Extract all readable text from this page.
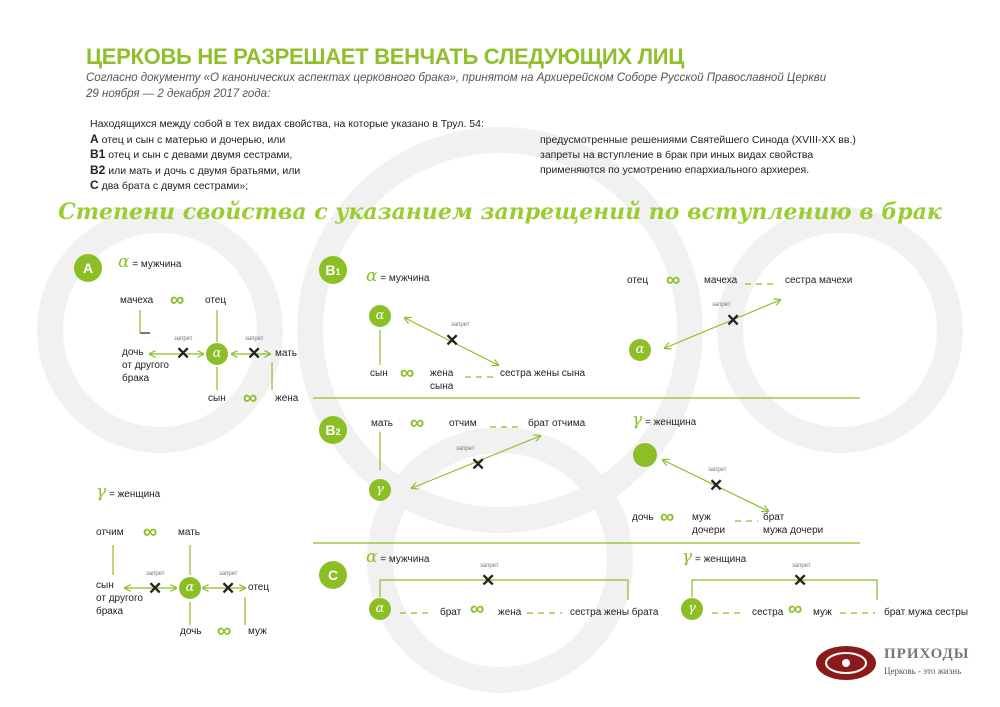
ЦЕРКОВЬ НЕ РАЗРЕШАЕТ ВЕНЧАТЬ СЛЕДУЮЩИХ ЛИЦ
Согласно документу «О канонических аспектах церковного брака», принятом на Архиерейском Соборе Русской Православной Церкви
29 ноября — 2 декабря 2017 года:
Находящихся между собой в тех видах свойства, на которые указано в Трул. 54:
A отец и сын с матерью и дочерью, или
B1 отец и сын с девами двумя сестрами,
B2 или мать и дочь с двумя братьями, или
C два брата с двумя сестрами»;
предусмотренные решениями Святейшего Синода (XVIII-XX вв.) запреты на вступление в брак при иных видах свойства применяются по усмотрению епархиального архиерея.
Степени свойства с указанием запрещений по вступлению в брак
✕
запрет
✕
запрет	✕
запрет	✕
запрет
✕
запрет
✕
запрет
✕
запрет
✕
запрет	✕
запрет
✕
запрет
A	B1
B2
C
α = мужчина
α = мужчина
γ = женщина
γ = женщина
α = мужчина	γ = женщина
α
α
α
γ
α
α	γ
∞
∞
∞
∞
∞
∞
∞
∞
∞	∞
мачеха	отец
дочь
от другого
брака
мать
сын	жена
сын	жена
сына
сестра жены сына
отец	мачеха	сестра мачехи
мать	отчим	брат отчима
дочь	муж
дочери
брат
мужа дочери
отчим	мать
сын
от другого
брака
отец
дочь	муж
брат	жена	сестра жены брата	сестра	муж	брат мужа сестры
ПРИХОДЫ
Церковь - это жизнь
